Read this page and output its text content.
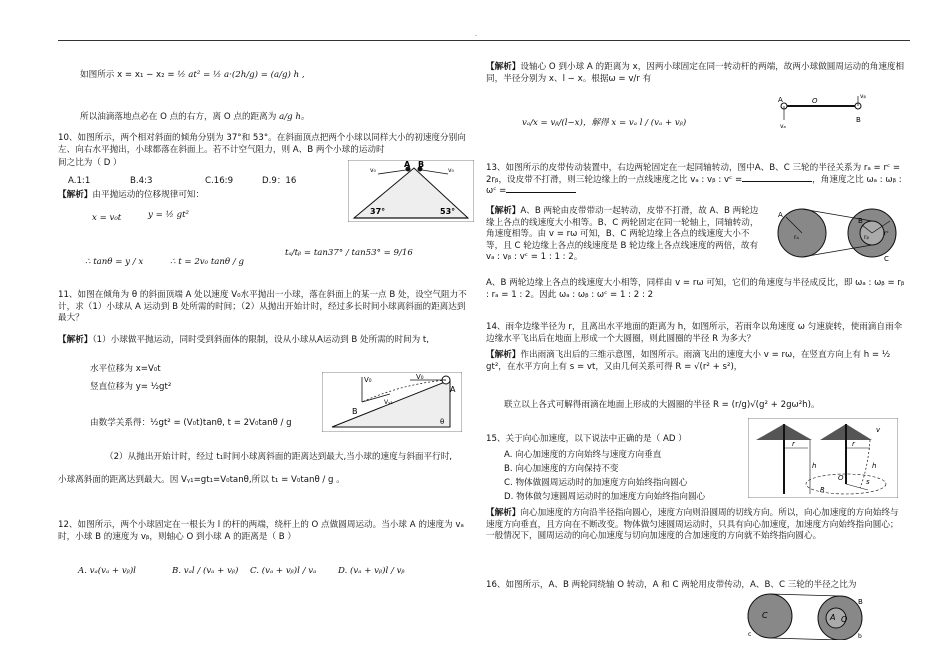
.
如图所示 x = x₁ − x₂ = ½ at² = ½ a·(2h/g) = (a/g) h ,
所以油滴落地点必在 O 点的右方，离 O 点的距离为 a/g h。
10、如图所示，两个相对斜面的倾角分别为 37°和 53°。在斜面顶点把两个小球以同样大小的初速度分别向左、向右水平抛出，小球都落在斜面上。若不计空气阻力，则 A、B 两个小球的运动时
间之比为（ D ）
A.1:1	B.4:3	C.16:9	D.9：16
【解析】由平抛运动的位移规律可知：
x = v₀t	y = ½ gt²
∴ tanθ = y / x	∴ t = 2v₀ tanθ / g
tₐ/tᵦ = tan37° / tan53° = 9/16
A B
v₀	v₀
37°	53°
11、如图在倾角为 θ 的斜面顶端 A 处以速度 V₀水平抛出一小球，落在斜面上的某一点 B 处，设空气阻力不计，求（1）小球从 A 运动到 B 处所需的时间；（2）从抛出开始计时，经过多长时间小球离斜面的距离达到最大？
【解析】（1）小球做平抛运动，同时受到斜面体的限制，设从小球从A运动到 B 处所需的时间为 t,
水平位移为 x=V₀t
竖直位移为 y= ½gt²
由数学关系得：½gt² = (V₀t)tanθ, t = 2V₀tanθ / g
（2）从抛出开始计时，经过 t₁时间小球离斜面的距离达到最大,当小球的速度与斜面平行时,
小球离斜面的距离达到最大。因 Vᵧ₁=gt₁=V₀tanθ,所以 t₁ = V₀tanθ / g 。
V₀	V₀
Vᵧ₁
B
A
θ
12、如图所示，两个小球固定在一根长为 l 的杆的两端，绕杆上的 O 点做圆周运动。当小球 A 的速度为 vₐ时，小球 B 的速度为 vᵦ，则轴心 O 到小球 A 的距离是（ B ）
A. vₐ(vₐ + vᵦ)l	B. vₐl / (vₐ + vᵦ) C. (vₐ + vᵦ)l / vₐ	D. (vₐ + vᵦ)l / vᵦ
【解析】设轴心 O 到小球 A 的距离为 x，因两小球固定在同一转动杆的两端，故两小球做圆周运动的角速度相同，半径分别为 x、l − x。根据ω = v/r 有
vₐ/x = vᵦ/(l−x)，解得 x = vₐ l / (vₐ + vᵦ)
A	O
B
vₐ
vᵦ
13、如图所示的皮带传动装置中，右边两轮固定在一起同轴转动，图中A、B、C 三轮的半径关系为 rₐ = rᶜ = 2rᵦ，设皮带不打滑，则三轮边缘上的一点线速度之比 vₐ : vᵦ : vᶜ =	，角速度之比 ωₐ : ωᵦ : ωᶜ =
【解析】A、B 两轮由皮带带动一起转动，皮带不打滑，故 A、B 两轮边缘上各点的线速度大小相等。B、C 两轮固定在同一轮轴上，同轴转动，角速度相等。由 v = rω 可知，B、C 两轮边缘上各点的线速度大小不等，且 C 轮边缘上各点的线速度是 B 轮边缘上各点线速度的两倍，故有 vₐ : vᵦ : vᶜ = 1 : 1 : 2。
A、B 两轮边缘上各点的线速度大小相等，同样由 v = rω 可知，它们的角速度与半径成反比，即 ωₐ : ωᵦ = rᵦ : rₐ = 1 : 2。因此 ωₐ : ωᵦ : ωᶜ = 1 : 2 : 2
A
rₐ
B
rᵦ
rᶜ
C
14、雨伞边缘半径为 r，且离出水平地面的距离为 h，如图所示，若雨伞以角速度 ω 匀速旋转，使雨滴自雨伞边缘水平飞出后在地面上形成一个大圆圈，则此圆圈的半径 R 为多大？
【解析】作出雨滴飞出后的三维示意图，如图所示。雨滴飞出的速度大小 v = rω，在竖直方向上有 h = ½ gt²，在水平方向上有 s = vt，又由几何关系可得 R = √(r² + s²)，
联立以上各式可解得雨滴在地面上形成的大圆圈的半径 R = (r/g)√(g² + 2gω²h)。
15、关于向心加速度，以下说法中正确的是（ AD ）
A. 向心加速度的方向始终与速度方向垂直
B. 向心加速度的方向保持不变
C. 物体做圆周运动时的加速度方向始终指向圆心
D. 物体做匀速圆周运动时的加速度方向始终指向圆心
【解析】向心加速度的方向沿半径指向圆心，速度方向则沿圆周的切线方向。所以，向心加速度的方向始终与速度方向垂直，且方向在不断改变。物体做匀速圆周运动时，只具有向心加速度，加速度方向始终指向圆心；一般情况下，圆周运动的向心加速度与切向加速度的合加速度的方向就不始终指向圆心。
r
h
r
v
h
O	s
R
16、如图所示，A、B 两轮同绕轴 O 转动，A 和 C 两轮用皮带传动，A、B、C 三轮的半径之比为
C	A O
B
c	b
